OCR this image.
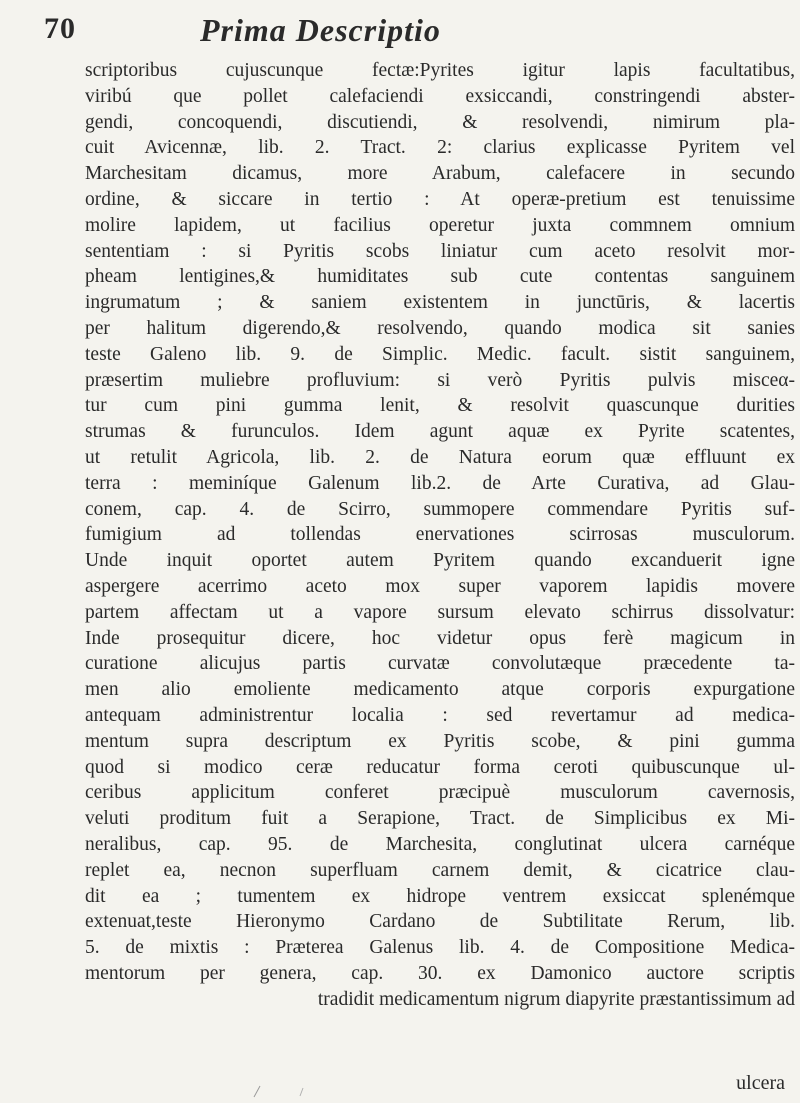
70	Prima Descriptio
scriptoribus cujuscunque fectæ:Pyrites igitur lapis facultatibus,
viribú que pollet calefaciendi exsiccandi, constringendi abster-
gendi, concoquendi, discutiendi, & resolvendi, nimirum pla-
cuit Avicennæ, lib. 2. Tract. 2: clarius explicasse Pyritem vel
Marchesitam dicamus, more Arabum, calefacere in secundo
ordine, & siccare in tertio : At operæ-pretium est tenuissime
molire lapidem, ut facilius operetur juxta commnem omnium
sententiam : si Pyritis scobs liniatur cum aceto resolvit mor-
pheam lentigines,& humiditates sub cute contentas sanguinem
ingrumatum ; & saniem existentem in junctūris, & lacertis
per halitum digerendo,& resolvendo, quando modica sit sanies
teste Galeno lib. 9. de Simplic. Medic. facult. sistit sanguinem,
præsertim muliebre profluvium: si verò Pyritis pulvis misceα-
tur cum pini gumma lenit, & resolvit quascunque durities
strumas & furunculos. Idem agunt aquæ ex Pyrite scatentes,
ut retulit Agricola, lib. 2. de Natura eorum quæ effluunt ex
terra : meminíque Galenum lib.2. de Arte Curativa, ad Glau-
conem, cap. 4. de Scirro, summopere commendare Pyritis suf-
fumigium ad tollendas enervationes scirrosas musculorum.
Unde inquit oportet autem Pyritem quando excanduerit igne
aspergere acerrimo aceto mox super vaporem lapidis movere
partem affectam ut a vapore sursum elevato schirrus dissolvatur:
Inde prosequitur dicere, hoc videtur opus ferè magicum in
curatione alicujus partis curvatæ convolutæque præcedente ta-
men alio emoliente medicamento atque corporis expurgatione
antequam administrentur localia : sed revertamur ad medica-
mentum supra descriptum ex Pyritis scobe, & pini gumma
quod si modico ceræ reducatur forma ceroti quibuscunque ul-
ceribus applicitum conferet præcipuè musculorum cavernosis,
veluti proditum fuit a Serapione, Tract. de Simplicibus ex Mi-
neralibus, cap. 95. de Marchesita, conglutinat ulcera carnéque
replet ea, necnon superfluam carnem demit, & cicatrice clau-
dit ea ; tumentem ex hidrope ventrem exsiccat splenémque
extenuat,teste Hieronymo Cardano de Subtilitate Rerum, lib.
5. de mixtis : Prætereа Galenus lib. 4. de Compositione Medica-
mentorum per genera, cap. 30. ex Damonico auctore scriptis
tradidit medicamentum nigrum diapyrite præstantissimum ad
ulcera
